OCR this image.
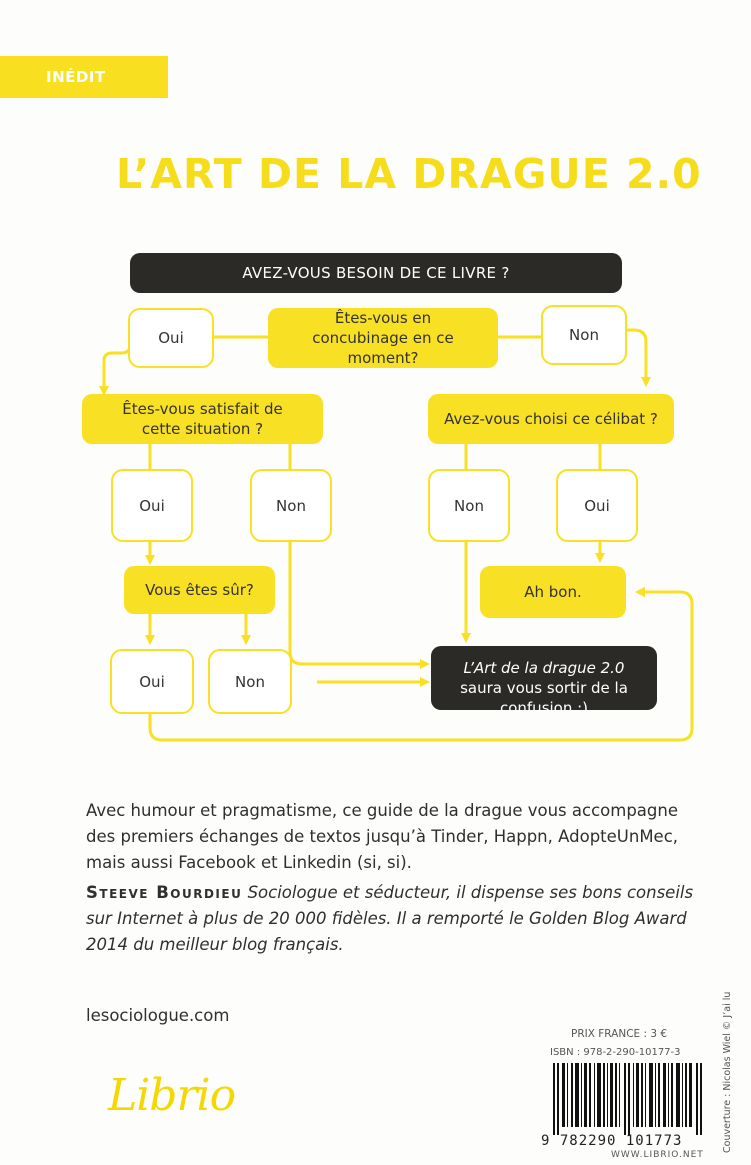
INÉDIT
L’ART DE LA DRAGUE 2.0
AVEZ-VOUS BESOIN DE CE LIVRE ?
Êtes-vous en concubinage en ce moment?
Oui	Non
Êtes-vous satisfait de cette situation ?
Avez-vous choisi ce célibat ?
Oui	Non	Non	Oui
Vous êtes sûr?	Ah bon.
Oui	Non
L’Art de la drague 2.0 saura vous sortir de la confusion ;)
Avec humour et pragmatisme, ce guide de la drague vous accompagne des premiers échanges de textos jusqu’à Tinder, Happn, AdopteUnMec, mais aussi Facebook et Linkedin (si, si).
Steeve Bourdieu Sociologue et séducteur, il dispense ses bons conseils sur Internet à plus de 20 000 fidèles. Il a remporté le Golden Blog Award 2014 du meilleur blog français.
lesociologue.com
Librio
PRIX FRANCE : 3 €
ISBN : 978-2-290-10177-3
9 782290 101773
WWW.LIBRIO.NET
Couverture : Nicolas Wiel © J’ai lu
